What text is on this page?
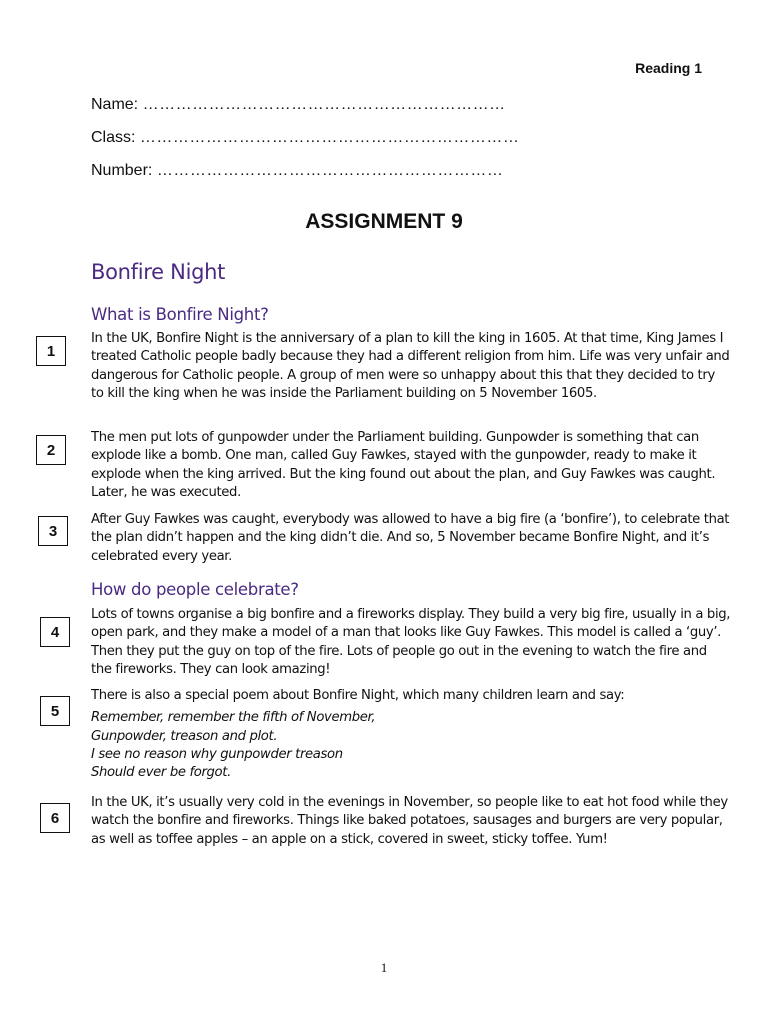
Reading 1
Name: …………………………………………………………
Class: ……………………………………………………………
Number: ………………………………………………………
ASSIGNMENT 9
Bonfire Night
What is Bonfire Night?
1
In the UK, Bonfire Night is the anniversary of a plan to kill the king in 1605. At that time, King James I treated Catholic people badly because they had a different religion from him. Life was very unfair and dangerous for Catholic people. A group of men were so unhappy about this that they decided to try to kill the king when he was inside the Parliament building on 5 November 1605.
2
The men put lots of gunpowder under the Parliament building. Gunpowder is something that can explode like a bomb. One man, called Guy Fawkes, stayed with the gunpowder, ready to make it explode when the king arrived. But the king found out about the plan, and Guy Fawkes was caught. Later, he was executed.
3
After Guy Fawkes was caught, everybody was allowed to have a big fire (a ‘bonfire’), to celebrate that the plan didn’t happen and the king didn’t die. And so, 5 November became Bonfire Night, and it’s celebrated every year.
How do people celebrate?
4
Lots of towns organise a big bonfire and a fireworks display. They build a very big fire, usually in a big, open park, and they make a model of a man that looks like Guy Fawkes. This model is called a ‘guy’. Then they put the guy on top of the fire. Lots of people go out in the evening to watch the fire and the fireworks. They can look amazing!
5
There is also a special poem about Bonfire Night, which many children learn and say:
Remember, remember the fifth of November,
Gunpowder, treason and plot.
I see no reason why gunpowder treason
Should ever be forgot.
6
In the UK, it’s usually very cold in the evenings in November, so people like to eat hot food while they watch the bonfire and fireworks. Things like baked potatoes, sausages and burgers are very popular, as well as toffee apples – an apple on a stick, covered in sweet, sticky toffee. Yum!
1
